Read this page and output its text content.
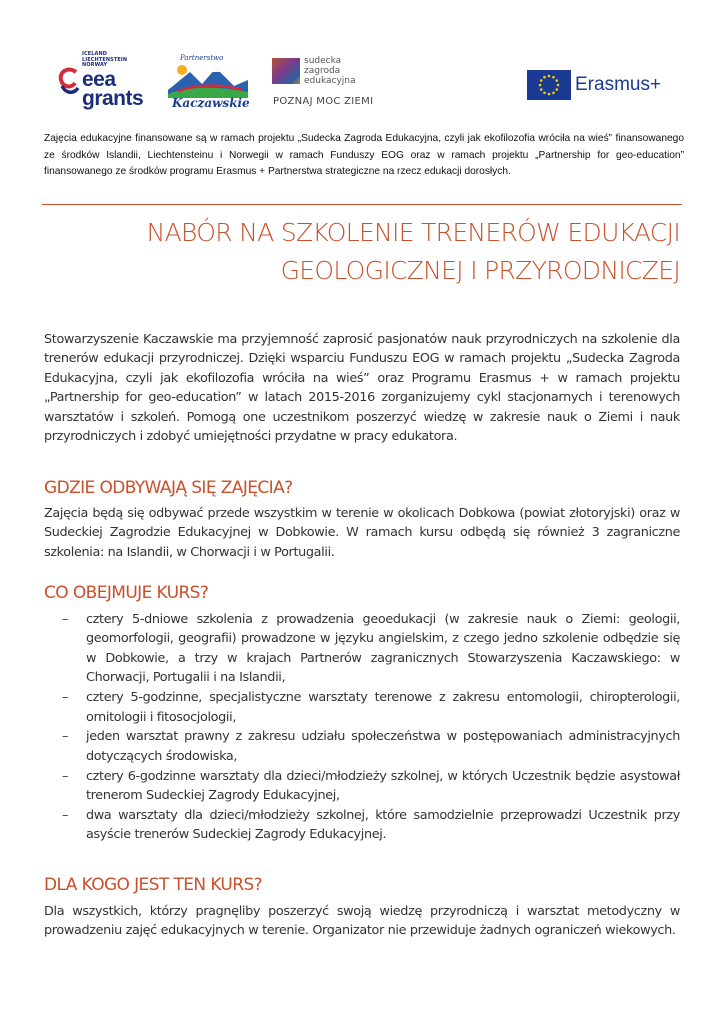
ICELAND
LIECHTENSTEIN
NORWAY
eea
grants
Partnerstwo
Kaczawskie
sudecka
zagroda
edukacyjna
POZNAJ MOC ZIEMI
Erasmus+
Zajęcia edukacyjne finansowane są w ramach projektu „Sudecka Zagroda Edukacyjna, czyli jak ekofilozofia wróciła na wieś” finansowanego ze środków Islandii, Liechtensteinu i Norwegii w ramach Funduszy EOG oraz w ramach projektu „Partnership for geo-education” finansowanego ze środków programu Erasmus + Partnerstwa strategiczne na rzecz edukacji dorosłych.
NABÓR NA SZKOLENIE TRENERÓW EDUKACJI
GEOLOGICZNEJ I PRZYRODNICZEJ
Stowarzyszenie Kaczawskie ma przyjemność zaprosić pasjonatów nauk przyrodniczych na szkolenie dla trenerów edukacji przyrodniczej. Dzięki wsparciu Funduszu EOG w ramach projektu „Sudecka Zagroda Edukacyjna, czyli jak ekofilozofia wróciła na wieś” oraz Programu Erasmus + w ramach projektu „Partnership for geo-education” w latach 2015-2016 zorganizujemy cykl stacjonarnych i terenowych warsztatów i szkoleń. Pomogą one uczestnikom poszerzyć wiedzę w zakresie nauk o Ziemi i nauk przyrodniczych i zdobyć umiejętności przydatne w pracy edukatora.
GDZIE ODBYWAJĄ SIĘ ZAJĘCIA?
Zajęcia będą się odbywać przede wszystkim w terenie w okolicach Dobkowa (powiat złotoryjski) oraz w Sudeckiej Zagrodzie Edukacyjnej w Dobkowie. W ramach kursu odbędą się również 3 zagraniczne szkolenia: na Islandii, w Chorwacji i w Portugalii.
CO OBEJMUJE KURS?
– cztery 5-dniowe szkolenia z prowadzenia geoedukacji (w zakresie nauk o Ziemi: geologii, geomorfologii, geografii) prowadzone w języku angielskim, z czego jedno szkolenie odbędzie się w Dobkowie, a trzy w krajach Partnerów zagranicznych Stowarzyszenia Kaczawskiego: w Chorwacji, Portugalii i na Islandii,
– cztery 5-godzinne, specjalistyczne warsztaty terenowe z zakresu entomologii, chiropterologii, ornitologii i fitosocjologii,
– jeden warsztat prawny z zakresu udziału społeczeństwa w postępowaniach administracyjnych dotyczących środowiska,
– cztery 6-godzinne warsztaty dla dzieci/młodzieży szkolnej, w których Uczestnik będzie asystował trenerom Sudeckiej Zagrody Edukacyjnej,
– dwa warsztaty dla dzieci/młodzieży szkolnej, które samodzielnie przeprowadzi Uczestnik przy asyście trenerów Sudeckiej Zagrody Edukacyjnej.
DLA KOGO JEST TEN KURS?
Dla wszystkich, którzy pragnęliby poszerzyć swoją wiedzę przyrodniczą i warsztat metodyczny w prowadzeniu zajęć edukacyjnych w terenie. Organizator nie przewiduje żadnych ograniczeń wiekowych.
